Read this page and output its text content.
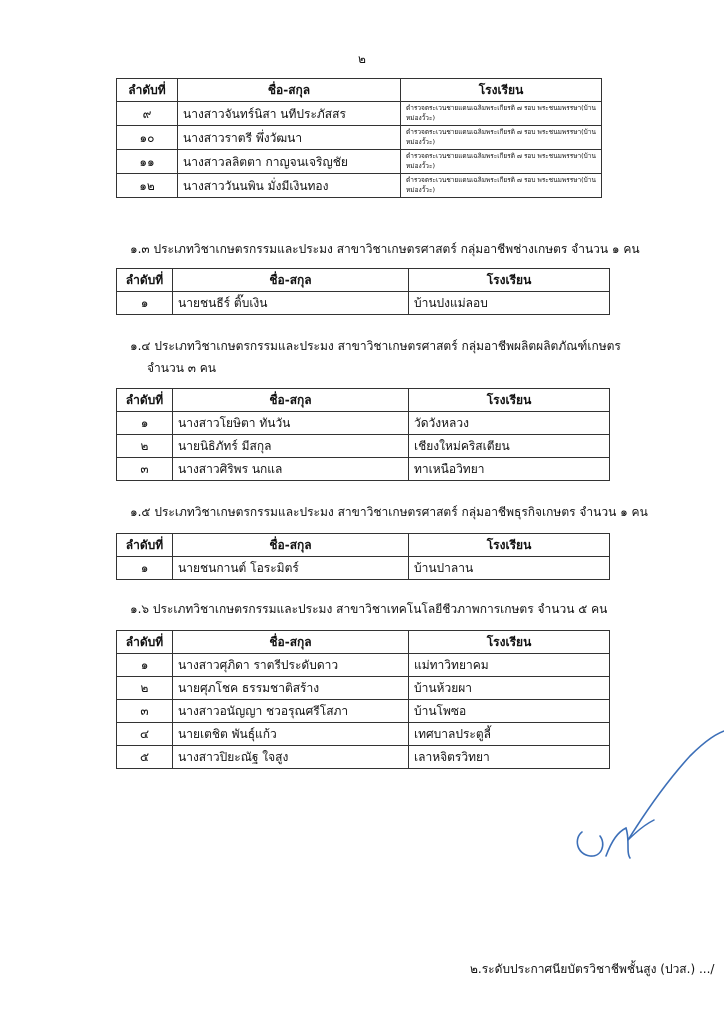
๒
ลำดับที่	ชื่อ-สกุล	โรงเรียน
๙	นางสาวจันทร์นิสา นทีประภัสสร	ตำรวจตระเวนชายแดนเฉลิมพระเกียรติ ๗ รอบ พระชนมพรรษา(บ้านหม่องวั้วะ)
๑๐	นางสาวราตรี พึ่งวัฒนา	ตำรวจตระเวนชายแดนเฉลิมพระเกียรติ ๗ รอบ พระชนมพรรษา(บ้านหม่องวั้วะ)
๑๑	นางสาวลลิตตา กาญจนเจริญชัย	ตำรวจตระเวนชายแดนเฉลิมพระเกียรติ ๗ รอบ พระชนมพรรษา(บ้านหม่องวั้วะ)
๑๒	นางสาววันนพิน มั่งมีเงินทอง	ตำรวจตระเวนชายแดนเฉลิมพระเกียรติ ๗ รอบ พระชนมพรรษา(บ้านหม่องวั้วะ)
๑.๓ ประเภทวิชาเกษตรกรรมและประมง สาขาวิชาเกษตรศาสตร์ กลุ่มอาชีพช่างเกษตร จำนวน ๑ คน
ลำดับที่	ชื่อ-สกุล	โรงเรียน
๑	นายชนธีร์ ติ๊บเงิน	บ้านปงแม่ลอบ
๑.๔ ประเภทวิชาเกษตรกรรมและประมง สาขาวิชาเกษตรศาสตร์ กลุ่มอาชีพผลิตผลิตภัณฑ์เกษตร
จำนวน ๓ คน
ลำดับที่	ชื่อ-สกุล	โรงเรียน
๑	นางสาวโยษิตา ทันวัน	วัดวังหลวง
๒	นายนิธิภัทร์ มีสกุล	เชียงใหม่คริสเตียน
๓	นางสาวศิริพร นกแล	ทาเหนือวิทยา
๑.๕ ประเภทวิชาเกษตรกรรมและประมง สาขาวิชาเกษตรศาสตร์ กลุ่มอาชีพธุรกิจเกษตร จำนวน ๑ คน
ลำดับที่	ชื่อ-สกุล	โรงเรียน
๑	นายชนกานต์ โอระมิตร์	บ้านปาลาน
๑.๖ ประเภทวิชาเกษตรกรรมและประมง สาขาวิชาเทคโนโลยีชีวภาพการเกษตร จำนวน ๕ คน
ลำดับที่	ชื่อ-สกุล	โรงเรียน
๑	นางสาวศุภิดา ราตรีประดับดาว	แม่ทาวิทยาคม
๒	นายศุภโชค ธรรมชาติสร้าง	บ้านห้วยผา
๓	นางสาวอนัญญา ชวอรุณศรีโสภา	บ้านโพซอ
๔	นายเตชิต พันธุ์แก้ว	เทศบาลประตูลี้
๕	นางสาวปิยะณัฐ ใจสูง	เลาหจิตรวิทยา
๒.ระดับประกาศนียบัตรวิชาชีพชั้นสูง (ปวส.) .../
